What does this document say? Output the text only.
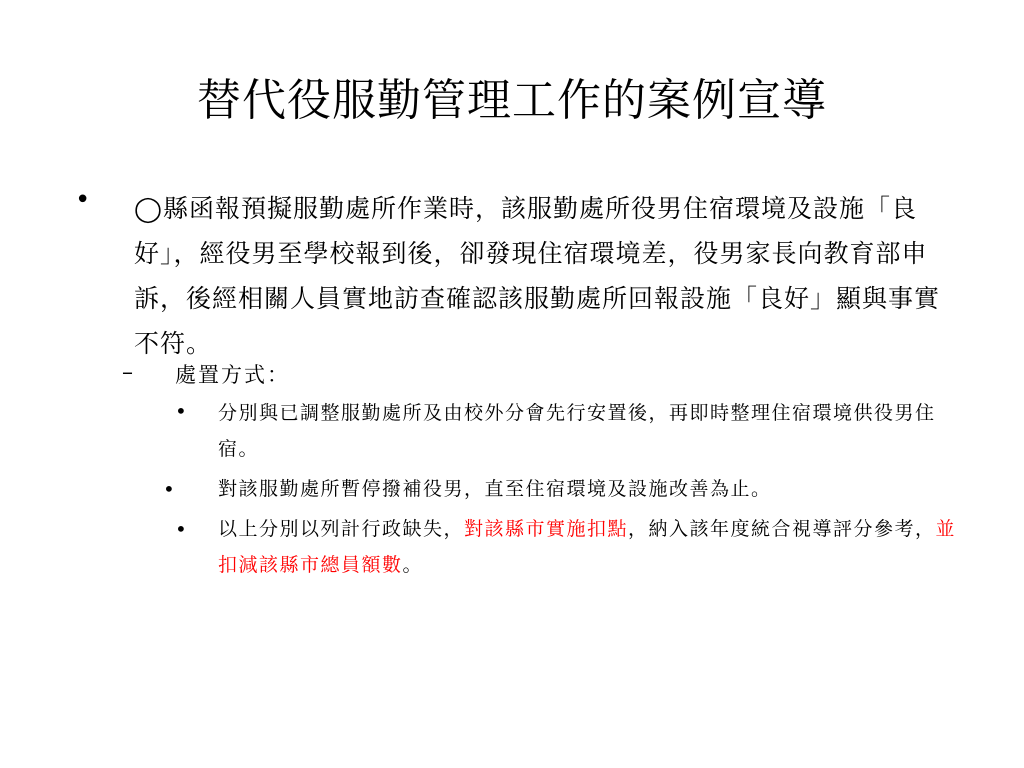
替代役服勤管理工作的案例宣導
• ◯縣函報預擬服勤處所作業時，該服勤處所役男住宿環境及設施「良好」，經役男至學校報到後，卻發現住宿環境差，役男家長向教育部申訴，後經相關人員實地訪查確認該服勤處所回報設施「良好」顯與事實不符。

– 處置方式：

• 分別與已調整服勤處所及由校外分會先行安置後，再即時整理住宿環境供役男住宿。

• 對該服勤處所暫停撥補役男，直至住宿環境及設施改善為止。

• 以上分別以列計行政缺失，對該縣市實施扣點，納入該年度統合視導評分參考，並扣減該縣市總員額數。
